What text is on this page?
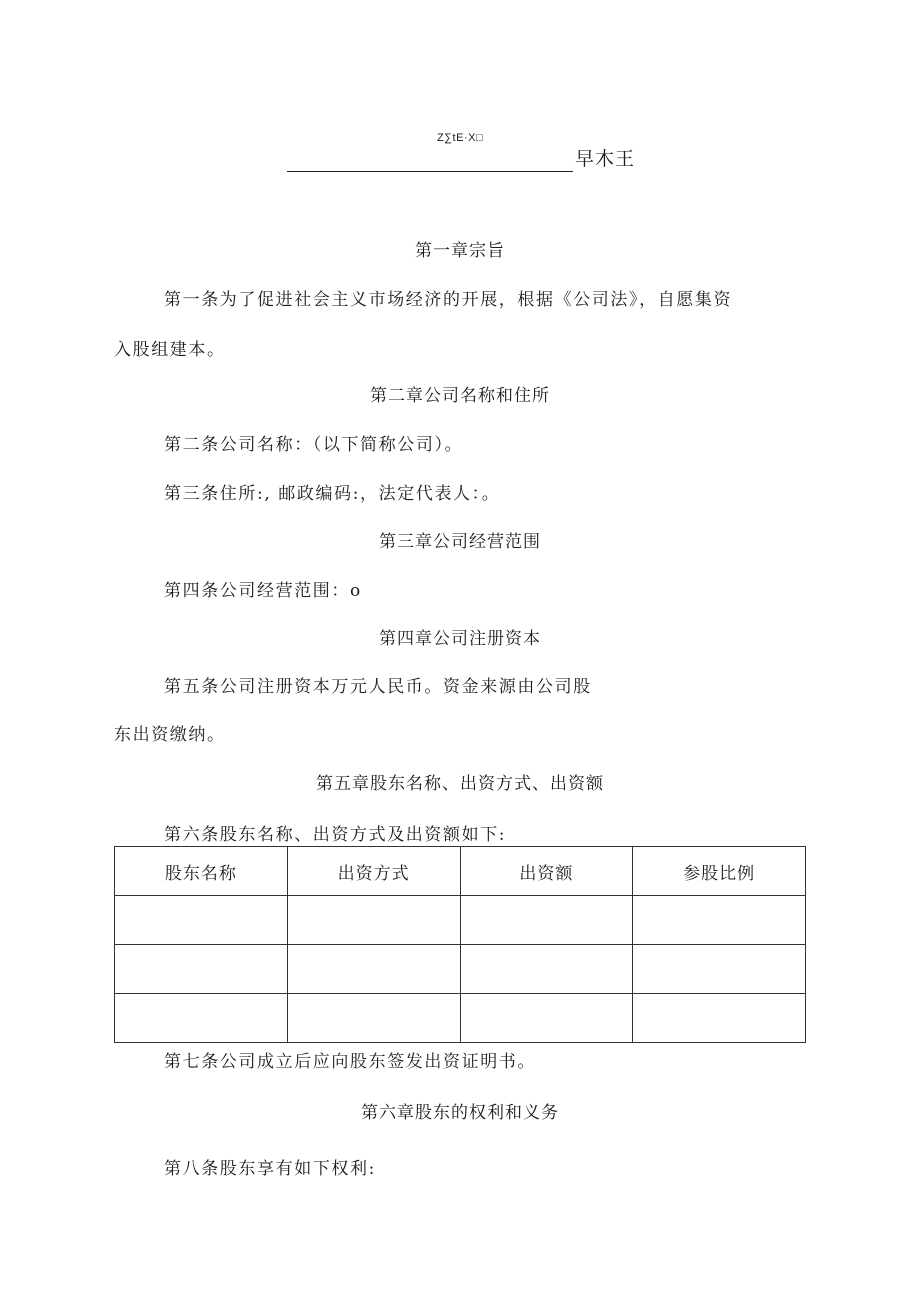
Z∑tE·X□
早木王
第一章宗旨
第一条为了促进社会主义市场经济的开展，根据《公司法》，自愿集资
入股组建本。
第二章公司名称和住所
第二条公司名称：（以下简称公司）。
第三条住所:, 邮政编码:，法定代表人：。
第三章公司经营范围
第四条公司经营范围：o
第四章公司注册资本
第五条公司注册资本万元人民币。资金来源由公司股
东出资缴纳。
第五章股东名称、出资方式、出资额
第六条股东名称、出资方式及出资额如下:
股东名称	出资方式	出资额	参股比例

第七条公司成立后应向股东签发出资证明书。
第六章股东的权利和义务
第八条股东享有如下权利:
